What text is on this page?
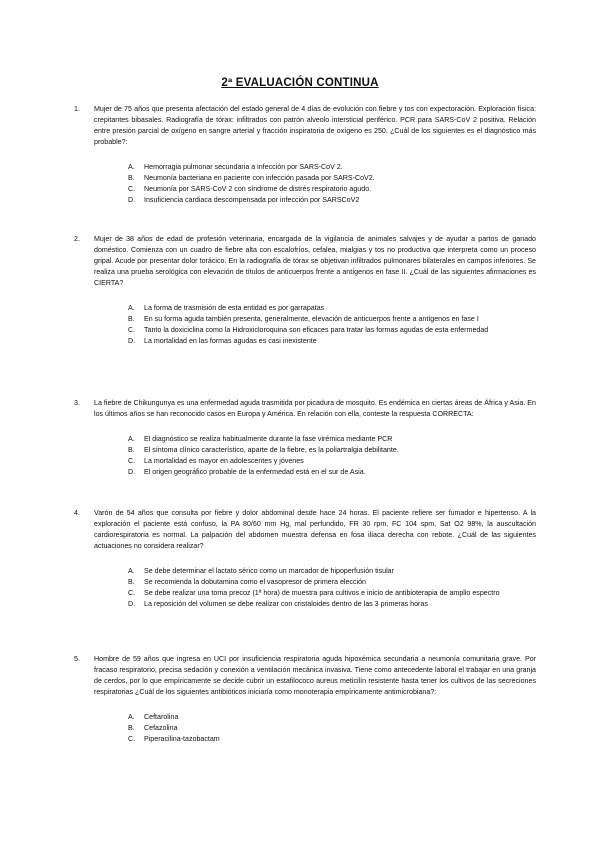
2ª EVALUACIÓN CONTINUA
1. Mujer de 75 años que presenta afectación del estado general de 4 días de evolución con fiebre y tos con expectoración. Exploración física: crepitantes bibasales. Radiografía de tórax: infiltrados con patrón alveolo intersticial periférico. PCR para SARS-CoV 2 positiva. Relación entre presión parcial de oxígeno en sangre arterial y fracción inspiratoria de oxígeno es 250. ¿Cuál de los siguientes es el diagnóstico más probable?:

A. Hemorragia pulmonar secundaria a infección por SARS-CoV 2.
B. Neumonía bacteriana en paciente con infección pasada por SARS-CoV2.
C. Neumonía por SARS-CoV 2 con síndrome de distrés respiratorio agudo.
D. Insuficiencia cardiaca descompensada por infección por SARSCoV2
2. Mujer de 38 años de edad de profesión veterinaria, encargada de la vigilancia de animales salvajes y de ayudar a partos de ganado doméstico. Comienza con un cuadro de fiebre alta con escalofríos, cefalea, mialgias y tos no productiva que interpreta como un proceso gripal. Acude por presentar dolor torácico. En la radiografía de tórax se objetivan infiltrados pulmonares bilaterales en campos inferiores. Se realiza una prueba serológica con elevación de títulos de anticuerpos frente a antígenos en fase II. ¿Cuál de las siguientes afirmaciones es CIERTA?

A. La forma de trasmisión de esta entidad es por garrapatas
B. En su forma aguda también presenta, generalmente, elevación de anticuerpos frente a antígenos en fase I
C. Tanto la doxiciclina como la Hidroxicloroquina son eficaces para tratar las formas agudas de esta enfermedad
D. La mortalidad en las formas agudas es casi inexistente
3. La fiebre de Chikungunya es una enfermedad aguda trasmitida por picadura de mosquito. Es endémica en ciertas áreas de África y Asia. En los últimos años se han reconocido casos en Europa y América. En relación con ella, conteste la respuesta CORRECTA:

A. El diagnóstico se realiza habitualmente durante la fase virémica mediante PCR
B. El síntoma clínico característico, aparte de la fiebre, es la poliartralgia debilitante.
C. La mortalidad es mayor en adolescentes y jóvenes
D. El origen geográfico probable de la enfermedad está en el sur de Asia.
4. Varón de 54 años que consulta por fiebre y dolor abdominal desde hace 24 horas. El paciente refiere ser fumador e hipertenso. A la exploración el paciente está confuso, la PA 80/60 mm Hg, mal perfundido, FR 30 rpm, FC 104 spm, Sat O2 98%, la auscultación cardiorespiratoria es normal. La palpación del abdomen muestra defensa en fosa ilíaca derecha con rebote. ¿Cuál de las siguientes actuaciones no considera realizar?

A. Se debe determinar el lactato sérico como un marcador de hipoperfusión tisular
B. Se recomienda la dobutamina como el vasopresor de primera elección
C. Se debe realizar una toma precoz (1ª hora) de muestra para cultivos e inicio de antibioterapia de amplio espectro
D. La reposición del volumen se debe realizar con cristaloides dentro de las 3 primeras horas
5. Hombre de 59 años que ingresa en UCI por insuficiencia respiratoria aguda hipoxémica secundaria a neumonía comunitaria grave. Por fracaso respiratorio, precisa sedación y conexión a ventilación mecánica invasiva. Tiene como antecedente laboral el trabajar en una granja de cerdos, por lo que empíricamente se decide cubrir un estafilococo aureus meticilín resistente hasta tener los cultivos de las secreciones respiratorias ¿Cuál de los siguientes antibióticos iniciaría como monoterapia empíricamente antimicrobiana?:

A. Ceftarolina
B. Cefazolina
C. Piperacilina-tazobactam
